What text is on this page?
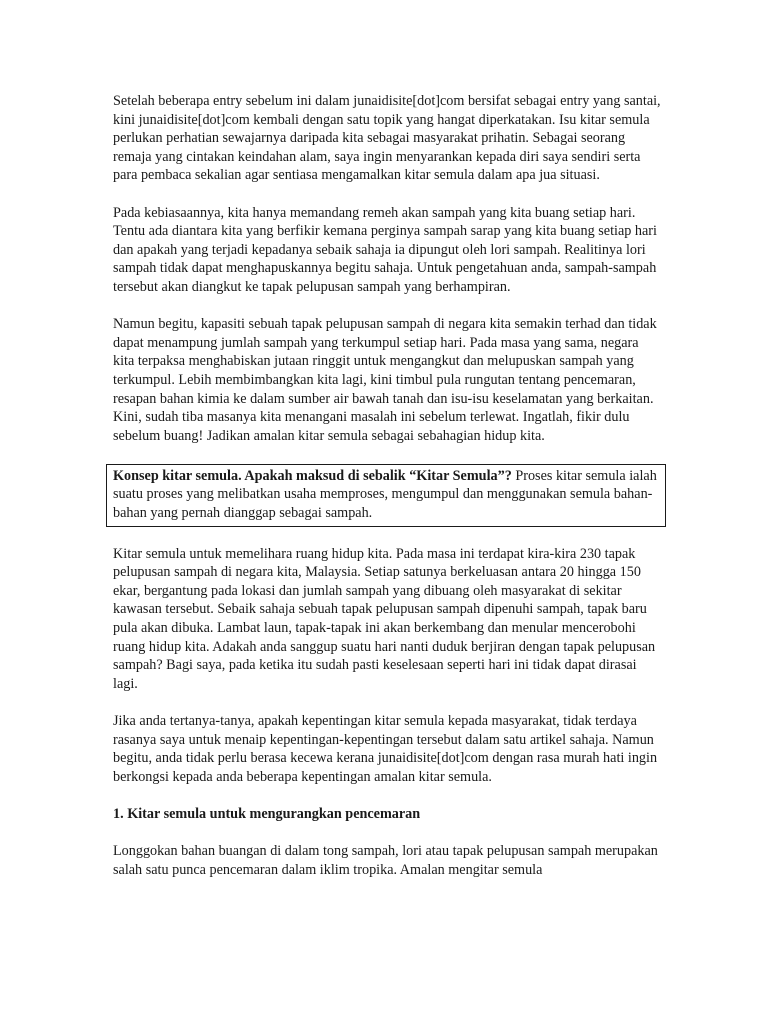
Setelah beberapa entry sebelum ini dalam junaidisite[dot]com bersifat sebagai entry yang santai, kini junaidisite[dot]com kembali dengan satu topik yang hangat diperkatakan. Isu kitar semula perlukan perhatian sewajarnya daripada kita sebagai masyarakat prihatin. Sebagai seorang remaja yang cintakan keindahan alam, saya ingin menyarankan kepada diri saya sendiri serta para pembaca sekalian agar sentiasa mengamalkan kitar semula dalam apa jua situasi.

Pada kebiasaannya, kita hanya memandang remeh akan sampah yang kita buang setiap hari. Tentu ada diantara kita yang berfikir kemana perginya sampah sarap yang kita buang setiap hari dan apakah yang terjadi kepadanya sebaik sahaja ia dipungut oleh lori sampah. Realitinya lori sampah tidak dapat menghapuskannya begitu sahaja. Untuk pengetahuan anda, sampah-sampah tersebut akan diangkut ke tapak pelupusan sampah yang berhampiran.

Namun begitu, kapasiti sebuah tapak pelupusan sampah di negara kita semakin terhad dan tidak dapat menampung jumlah sampah yang terkumpul setiap hari. Pada masa yang sama, negara kita terpaksa menghabiskan jutaan ringgit untuk mengangkut dan melupuskan sampah yang terkumpul. Lebih membimbangkan kita lagi, kini timbul pula rungutan tentang pencemaran, resapan bahan kimia ke dalam sumber air bawah tanah dan isu-isu keselamatan yang berkaitan. Kini, sudah tiba masanya kita menangani masalah ini sebelum terlewat. Ingatlah, fikir dulu sebelum buang! Jadikan amalan kitar semula sebagai sebahagian hidup kita.

Konsep kitar semula. Apakah maksud di sebalik “Kitar Semula”? Proses kitar semula ialah suatu proses yang melibatkan usaha memproses, mengumpul dan menggunakan semula bahan-bahan yang pernah dianggap sebagai sampah.

Kitar semula untuk memelihara ruang hidup kita. Pada masa ini terdapat kira-kira 230 tapak pelupusan sampah di negara kita, Malaysia. Setiap satunya berkeluasan antara 20 hingga 150 ekar, bergantung pada lokasi dan jumlah sampah yang dibuang oleh masyarakat di sekitar kawasan tersebut. Sebaik sahaja sebuah tapak pelupusan sampah dipenuhi sampah, tapak baru pula akan dibuka. Lambat laun, tapak-tapak ini akan berkembang dan menular mencerobohi ruang hidup kita. Adakah anda sanggup suatu hari nanti duduk berjiran dengan tapak pelupusan sampah? Bagi saya, pada ketika itu sudah pasti keselesaan seperti hari ini tidak dapat dirasai lagi.

Jika anda tertanya-tanya, apakah kepentingan kitar semula kepada masyarakat, tidak terdaya rasanya saya untuk menaip kepentingan-kepentingan tersebut dalam satu artikel sahaja. Namun begitu, anda tidak perlu berasa kecewa kerana junaidisite[dot]com dengan rasa murah hati ingin berkongsi kepada anda beberapa kepentingan amalan kitar semula.

1. Kitar semula untuk mengurangkan pencemaran

Longgokan bahan buangan di dalam tong sampah, lori atau tapak pelupusan sampah merupakan salah satu punca pencemaran dalam iklim tropika. Amalan mengitar semula
